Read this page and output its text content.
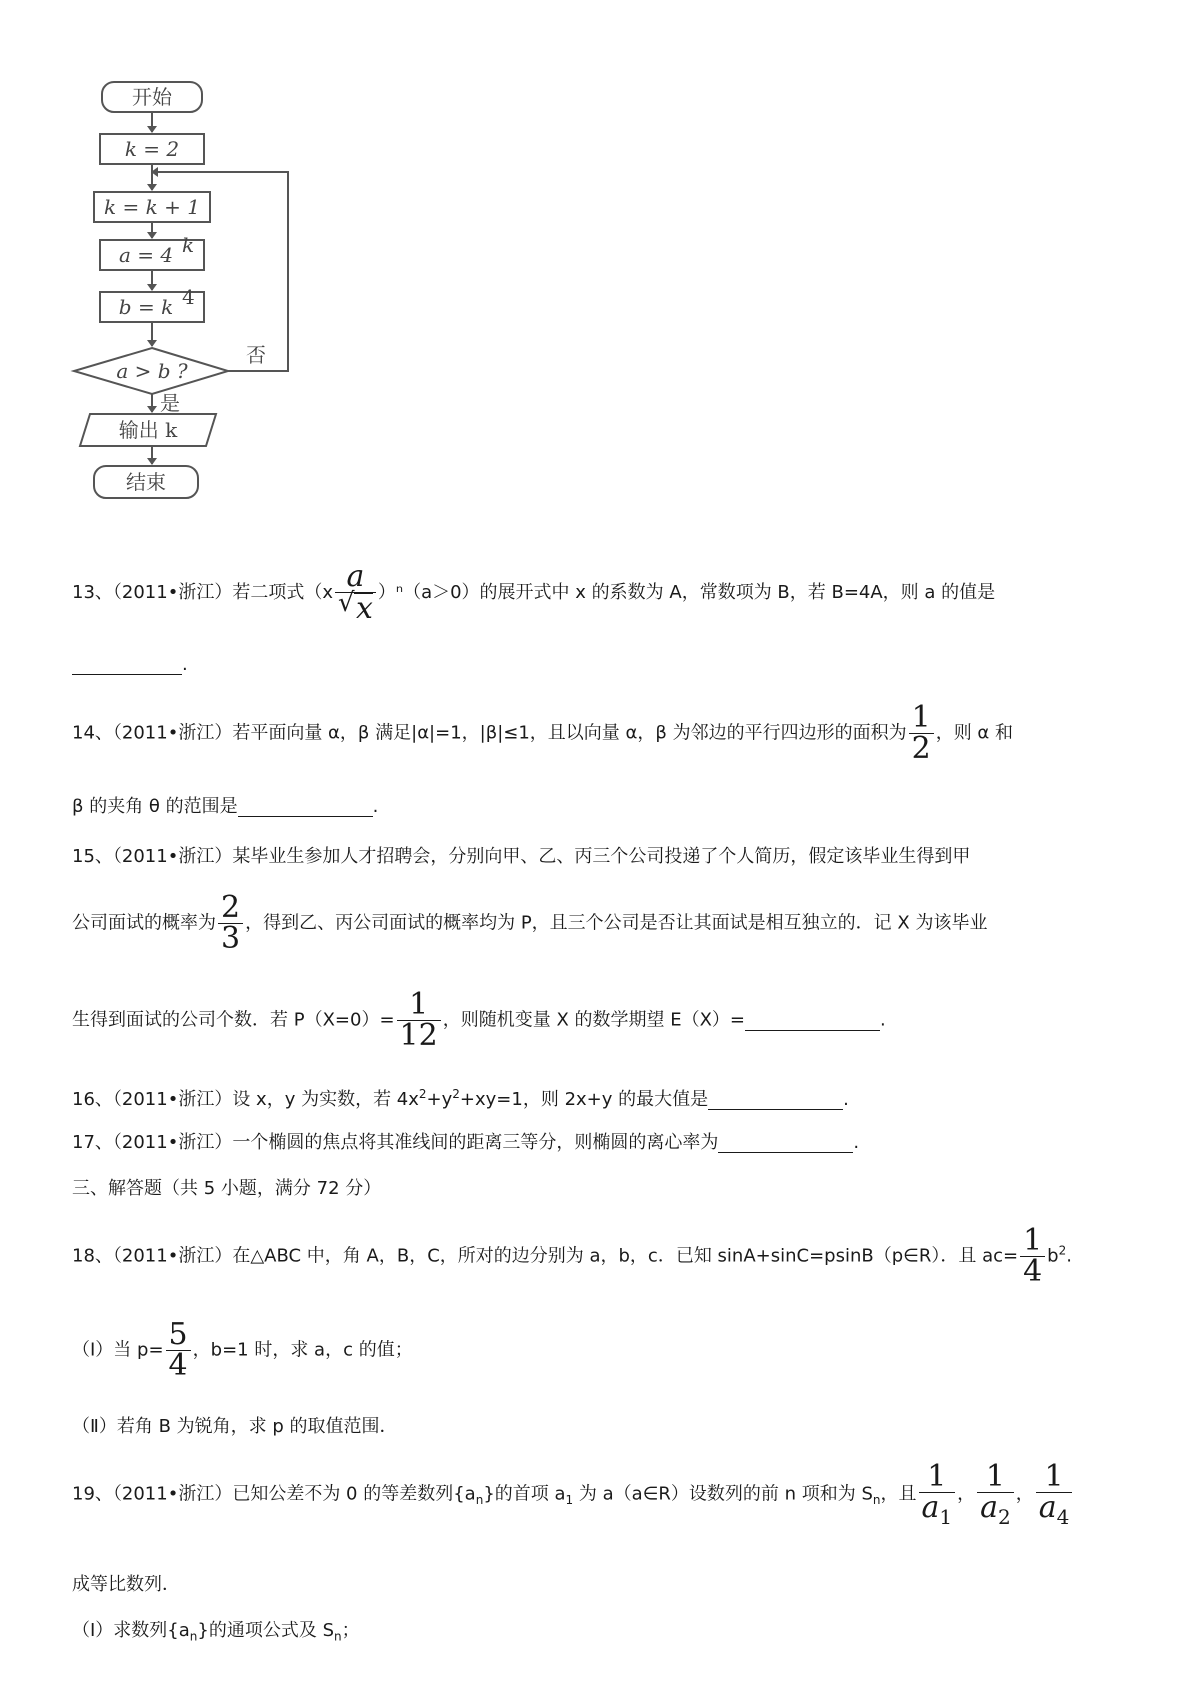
开始
k = 2
k = k + 1
a = 4 k
b = k 4
a > b ?
否
是
输出 k
结束
13、（2011•浙江）若二项式（x a
√ x ）ⁿ（a＞0）的展开式中 x 的系数为 A，常数项为 B，若 B=4A，则 a 的值是
.
14、（2011•浙江）若平面向量 α，β 满足|α|=1，|β|≤1，且以向量 α，β 为邻边的平行四边形的面积为 $\frac{1}{2}$ ，则 α 和
β 的夹角 θ 的范围是	.
15、（2011•浙江）某毕业生参加人才招聘会，分别向甲、乙、丙三个公司投递了个人简历，假定该毕业生得到甲
公司面试的概率为 $\frac{2}{3}$ ，得到乙、丙公司面试的概率均为 P，且三个公司是否让其面试是相互独立的．记 X 为该毕业
生得到面试的公司个数．若 $P(X=0)= \frac{1}{12}$ ，则随机变量 X 的数学期望 E（X）=	.
16、（2011•浙江）设 x，y 为实数，若 $4x^2+y^2+xy=1$，则 2x+y 的最大值是	.
17、（2011•浙江）一个椭圆的焦点将其准线间的距离三等分，则椭圆的离心率为	.
三、解答题（共 5 小题，满分 72 分）
18、（2011•浙江）在△ABC 中，角 A，B，C，所对的边分别为 a，b，c．已知 sinA+sinC=psinB（p∈R）．且 $ac= \frac{1}{4} b^2$.
（Ⅰ）当 $p= \frac{5}{4}$ ，b=1 时，求 a，c 的值；
（Ⅱ）若角 B 为锐角，求 p 的取值范围．
19、（2011•浙江）已知公差不为 0 的等差数列$\{a_n\}$的首项 $a_1$ 为 a（a∈R）设数列的前 n 项和为 $S_n$，且 $\frac{1}{a_1}$ ， $\frac{1}{a_2}$ ， $\frac{1}{a_4}$
成等比数列．
（Ⅰ）求数列$\{a_n\}$的通项公式及 $S_n$；
